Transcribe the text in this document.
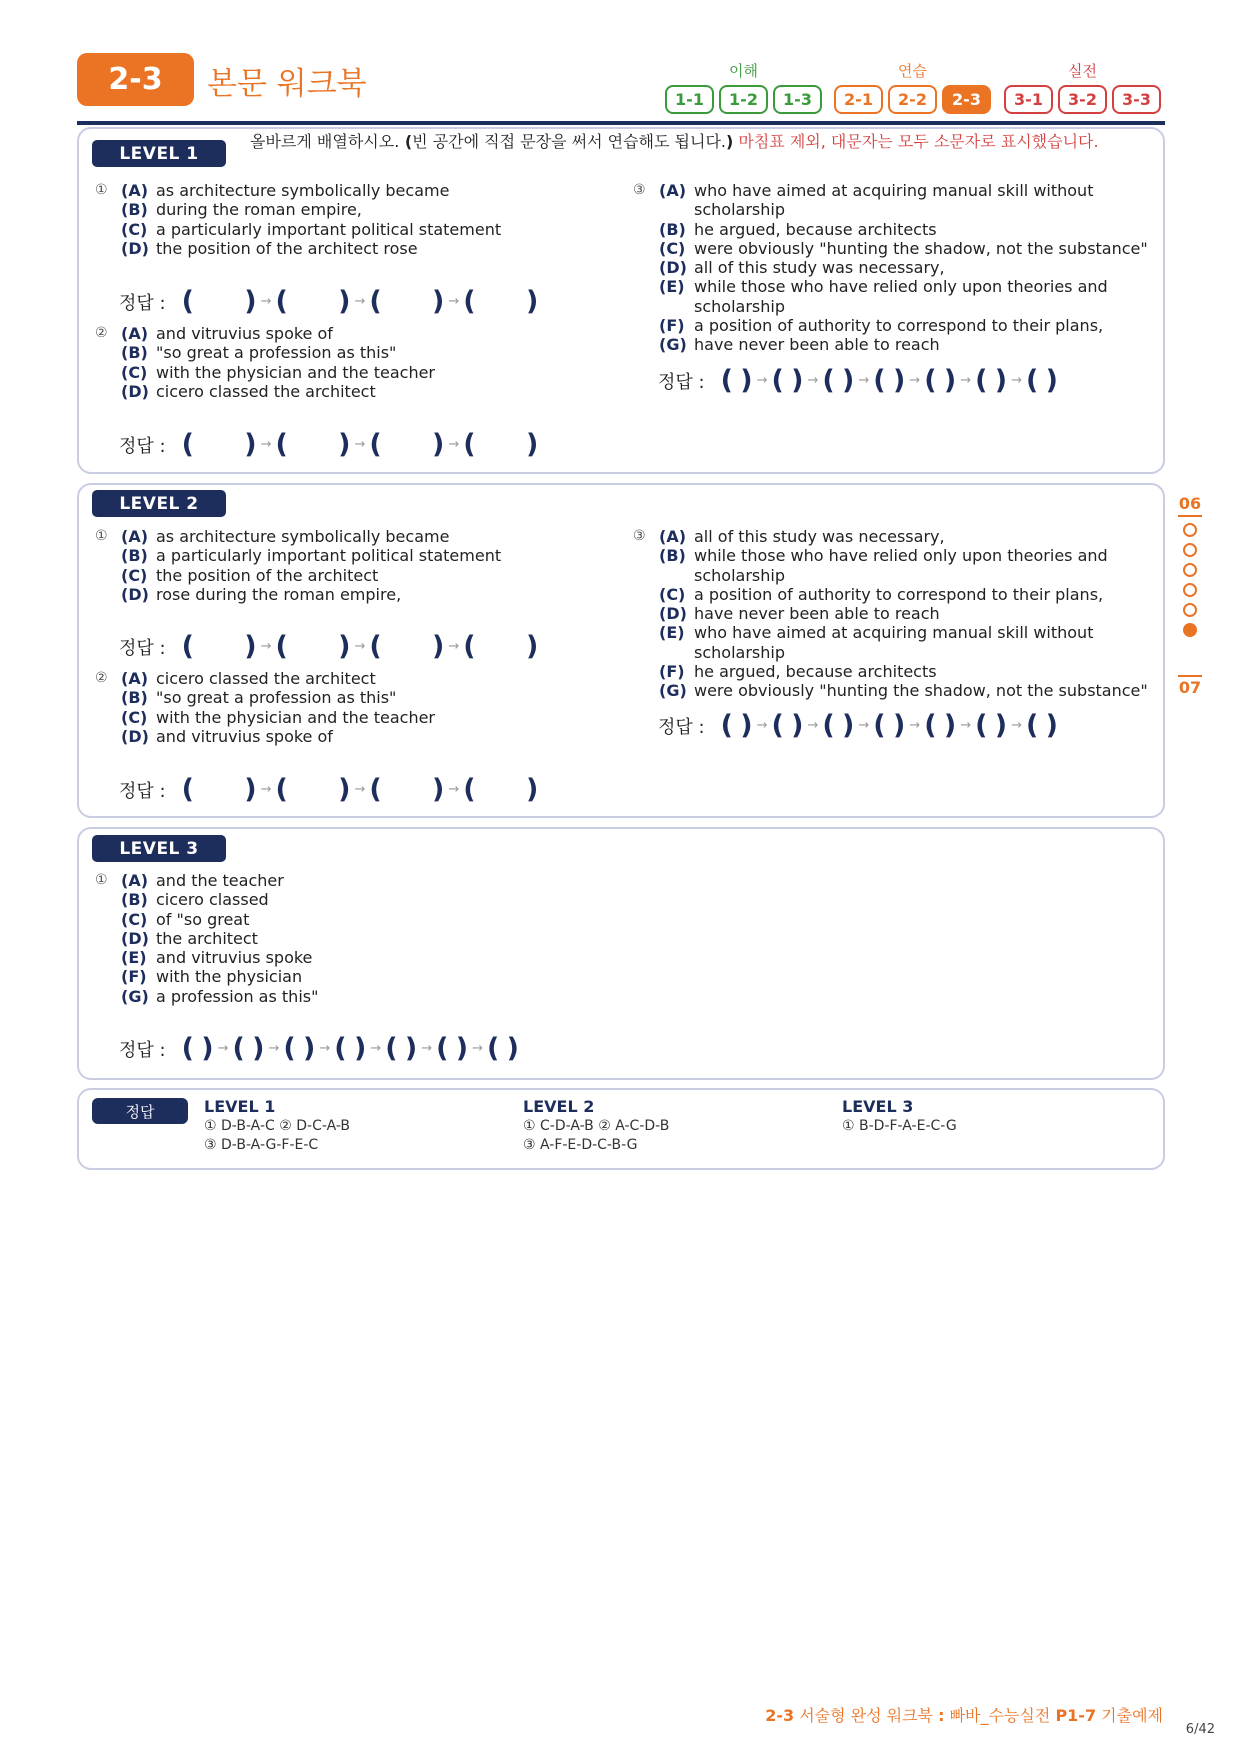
2-3	본문 워크북	이해	연습	실전
1-1	1-2	1-3	2-1	2-2	2-3	3-1	3-2	3-3
LEVEL 1
올바르게 배열하시오. (빈 공간에 직접 문장을 써서 연습해도 됩니다.) 마침표 제외, 대문자는 모두 소문자로 표시했습니다.
① (A) as architecture symbolically became
(B) during the roman empire,
(C) a particularly important political statement
(D) the position of the architect rose
정답 : ( ) → ( ) → ( ) → ( )
② (A) and vitruvius spoke of
(B) "so great a profession as this"
(C) with the physician and the teacher
(D) cicero classed the architect
정답 : ( ) → ( ) → ( ) → ( )
③ (A) who have aimed at acquiring manual skill without scholarship
(B) he argued, because architects
(C) were obviously "hunting the shadow, not the substance"
(D) all of this study was necessary,
(E) while those who have relied only upon theories and scholarship
(F) a position of authority to correspond to their plans,
(G) have never been able to reach
정답 : ( ) → ( ) → ( ) → ( ) → ( ) → ( ) → ( )
LEVEL 2
① (A) as architecture symbolically became
(B) a particularly important political statement
(C) the position of the architect
(D) rose during the roman empire,
정답 : ( ) → ( ) → ( ) → ( )
② (A) cicero classed the architect
(B) "so great a profession as this"
(C) with the physician and the teacher
(D) and vitruvius spoke of
정답 : ( ) → ( ) → ( ) → ( )
③ (A) all of this study was necessary,
(B) while those who have relied only upon theories and scholarship
(C) a position of authority to correspond to their plans,
(D) have never been able to reach
(E) who have aimed at acquiring manual skill without scholarship
(F) he argued, because architects
(G) were obviously "hunting the shadow, not the substance"
정답 : ( ) → ( ) → ( ) → ( ) → ( ) → ( ) → ( )
LEVEL 3
① (A) and the teacher
(B) cicero classed
(C) of "so great
(D) the architect
(E) and vitruvius spoke
(F) with the physician
(G) a profession as this"
정답 : ( ) → ( ) → ( ) → ( ) → ( ) → ( ) → ( )
정답	LEVEL 1
① D-B-A-C ② D-C-A-B
③ D-B-A-G-F-E-C
LEVEL 2
① C-D-A-B ② A-C-D-B
③ A-F-E-D-C-B-G
LEVEL 3
① B-D-F-A-E-C-G
06
07
2-3 서술형 완성 워크북 : 빠바_수능실전 P1-7 기출예제
6/42
